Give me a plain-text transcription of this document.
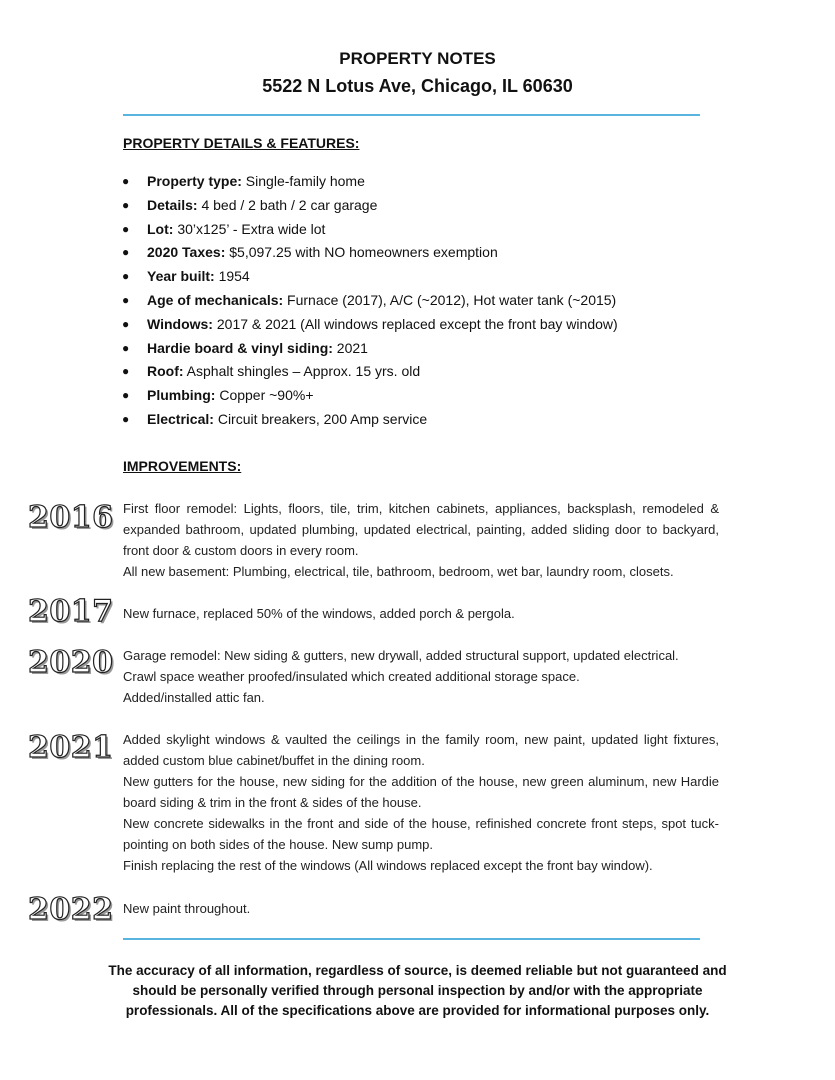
PROPERTY NOTES
5522 N Lotus Ave, Chicago, IL 60630
PROPERTY DETAILS & FEATURES:
● Property type: Single-family home
● Details: 4 bed / 2 bath / 2 car garage
● Lot: 30’x125’ - Extra wide lot
● 2020 Taxes: $5,097.25 with NO homeowners exemption
● Year built: 1954
● Age of mechanicals: Furnace (2017), A/C (~2012), Hot water tank (~2015)
● Windows: 2017 & 2021 (All windows replaced except the front bay window)
● Hardie board & vinyl siding: 2021
● Roof: Asphalt shingles – Approx. 15 yrs. old
● Plumbing: Copper ~90%+
● Electrical: Circuit breakers, 200 Amp service
IMPROVEMENTS:
2016 First floor remodel: Lights, floors, tile, trim, kitchen cabinets, appliances, backsplash, remodeled & expanded bathroom, updated plumbing, updated electrical, painting, added sliding door to backyard, front door & custom doors in every room.

All new basement: Plumbing, electrical, tile, bathroom, bedroom, wet bar, laundry room, closets.

2017 New furnace, replaced 50% of the windows, added porch & pergola.

2020 Garage remodel: New siding & gutters, new drywall, added structural support, updated electrical.

Crawl space weather proofed/insulated which created additional storage space.

Added/installed attic fan.

2021 Added skylight windows & vaulted the ceilings in the family room, new paint, updated light fixtures, added custom blue cabinet/buffet in the dining room.

New gutters for the house, new siding for the addition of the house, new green aluminum, new Hardie board siding & trim in the front & sides of the house.

New concrete sidewalks in the front and side of the house, refinished concrete front steps, spot tuck-pointing on both sides of the house. New sump pump.

Finish replacing the rest of the windows (All windows replaced except the front bay window).

2022 New paint throughout.

The accuracy of all information, regardless of source, is deemed reliable but not guaranteed and should be personally verified through personal inspection by and/or with the appropriate professionals. All of the specifications above are provided for informational purposes only.
